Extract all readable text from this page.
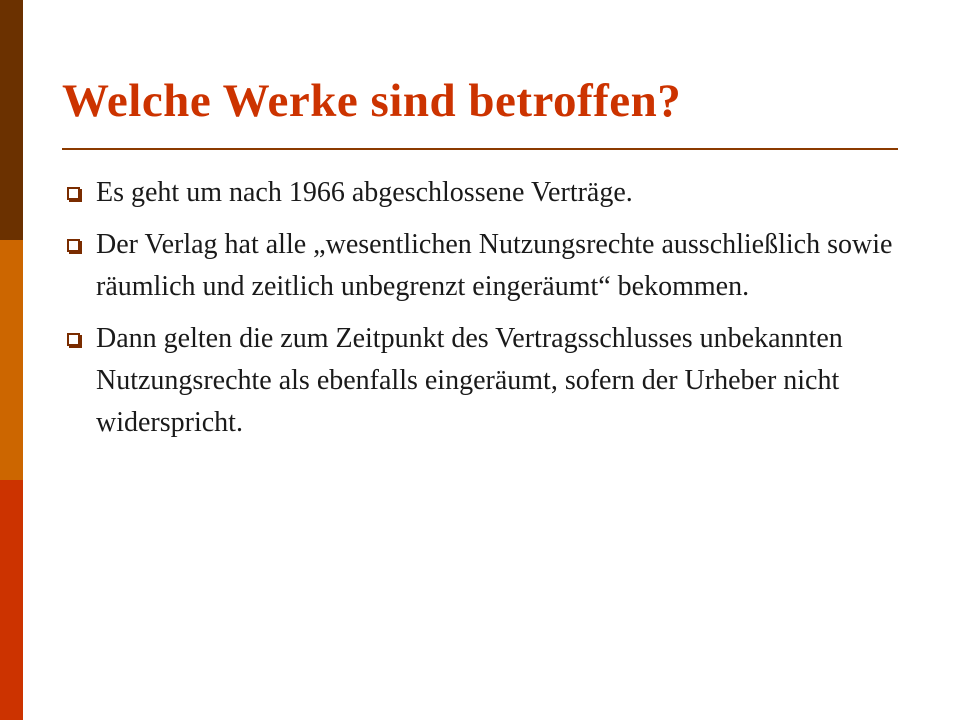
Welche Werke sind betroffen?
Es geht um nach 1966 abgeschlossene Verträge.
Der Verlag hat alle „wesentlichen Nutzungsrechte ausschließlich sowie räumlich und zeitlich unbegrenzt eingeräumt“ bekommen.
Dann gelten die zum Zeitpunkt des Vertragsschlusses unbekannten Nutzungsrechte als ebenfalls eingeräumt, sofern der Urheber nicht widerspricht.
